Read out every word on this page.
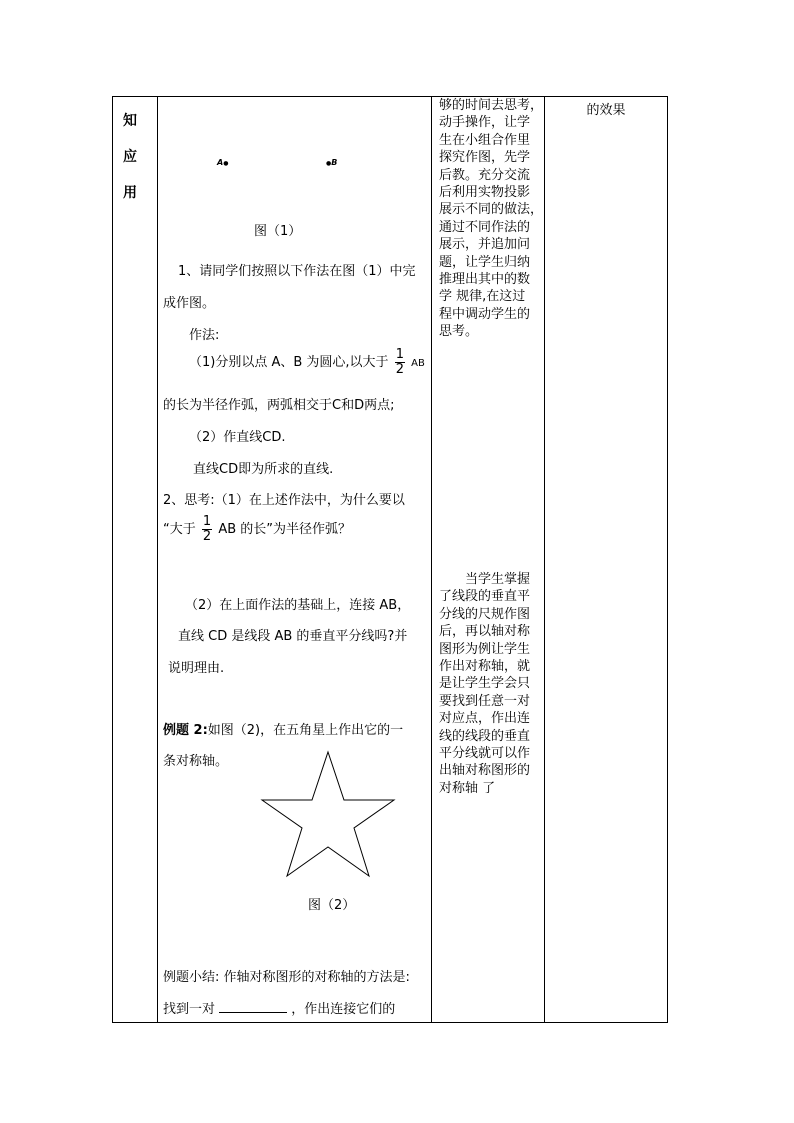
知
应
用
A●	●B
图（1）
1、请同学们按照以下作法在图（1）中完
成作图。
作法:
（1)分别以点 A、B 为圆心,以大于 $\frac{1}{2}$ AB
的长为半径作弧，两弧相交于C和D两点;
（2）作直线CD.
直线CD即为所求的直线.
2、思考:（1）在上述作法中，为什么要以
“大于 $\frac{1}{2}$ AB 的长”为半径作弧？
（2）在上面作法的基础上，连接 AB，
直线 CD 是线段 AB 的垂直平分线吗?并
说明理由.
例题 2:如图（2)，在五角星上作出它的一
条对称轴。
图（2）
例题小结: 作轴对称图形的对称轴的方法是:
找到一对	，作出连接它们的
够的时间去思考，
动手操作，让学
生在小组合作里
探究作图，先学
后教。充分交流
后利用实物投影
展示不同的做法，
通过不同作法的
展示，并追加问
题，让学生归纳
推理出其中的数
学 规律,在这过
程中调动学生的
思考。
　　当学生掌握
了线段的垂直平
分线的尺规作图
后，再以轴对称
图形为例让学生
作出对称轴，就
是让学生学会只
要找到任意一对
对应点，作出连
线的线段的垂直
平分线就可以作
出轴对称图形的
对称轴 了
的效果
